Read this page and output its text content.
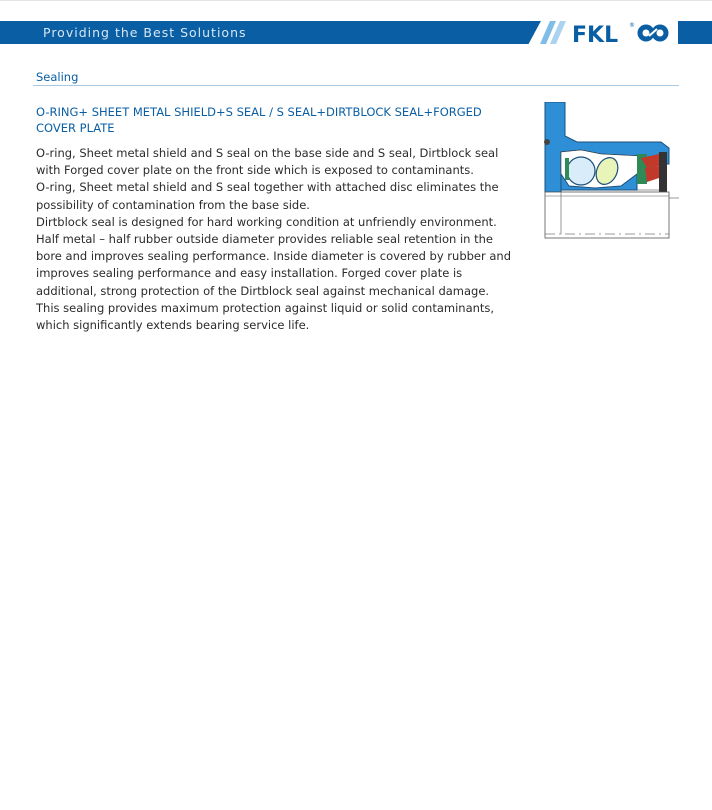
Providing the Best Solutions	FKL ®
Sealing
O-RING+ SHEET METAL SHIELD+S SEAL / S SEAL+DIRTBLOCK SEAL+FORGED COVER PLATE

O-ring, Sheet metal shield and S seal on the base side and S seal, Dirtblock seal with Forged cover plate on the front side which is exposed to contaminants.

O-ring, Sheet metal shield and S seal together with attached disc eliminates the possibility of contamination from the base side.

Dirtblock seal is designed for hard working condition at unfriendly environment. Half metal – half rubber outside diameter provides reliable seal retention in the bore and improves sealing performance. Inside diameter is covered by rubber and improves sealing performance and easy installation. Forged cover plate is additional, strong protection of the Dirtblock seal against mechanical damage.

This sealing provides maximum protection against liquid or solid contaminants, which significantly extends bearing service life.
